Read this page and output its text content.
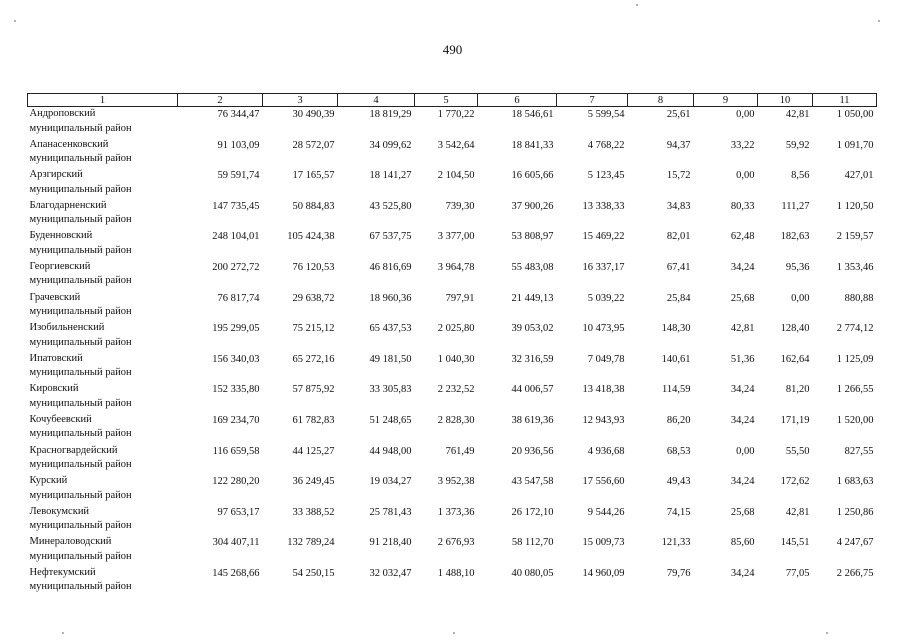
490
1	2	3	4	5	6	7	8	9	10	11

Андроповский
муниципальный район	76 344,47	30 490,39	18 819,29	1 770,22	18 546,61	5 599,54	25,61	0,00	42,81	1 050,00

Апанасенковский
муниципальный район	91 103,09	28 572,07	34 099,62	3 542,64	18 841,33	4 768,22	94,37	33,22	59,92	1 091,70

Арзгирский
муниципальный район	59 591,74	17 165,57	18 141,27	2 104,50	16 605,66	5 123,45	15,72	0,00	8,56	427,01

Благодарненский
муниципальный район	147 735,45	50 884,83	43 525,80	739,30	37 900,26	13 338,33	34,83	80,33	111,27	1 120,50

Буденновский
муниципальный район	248 104,01	105 424,38	67 537,75	3 377,00	53 808,97	15 469,22	82,01	62,48	182,63	2 159,57

Георгиевский
муниципальный район	200 272,72	76 120,53	46 816,69	3 964,78	55 483,08	16 337,17	67,41	34,24	95,36	1 353,46

Грачевский
муниципальный район	76 817,74	29 638,72	18 960,36	797,91	21 449,13	5 039,22	25,84	25,68	0,00	880,88

Изобильненский
муниципальный район	195 299,05	75 215,12	65 437,53	2 025,80	39 053,02	10 473,95	148,30	42,81	128,40	2 774,12

Ипатовский
муниципальный район	156 340,03	65 272,16	49 181,50	1 040,30	32 316,59	7 049,78	140,61	51,36	162,64	1 125,09

Кировский
муниципальный район	152 335,80	57 875,92	33 305,83	2 232,52	44 006,57	13 418,38	114,59	34,24	81,20	1 266,55

Кочубеевский
муниципальный район	169 234,70	61 782,83	51 248,65	2 828,30	38 619,36	12 943,93	86,20	34,24	171,19	1 520,00

Красногвардейский
муниципальный район	116 659,58	44 125,27	44 948,00	761,49	20 936,56	4 936,68	68,53	0,00	55,50	827,55

Курский
муниципальный район	122 280,20	36 249,45	19 034,27	3 952,38	43 547,58	17 556,60	49,43	34,24	172,62	1 683,63

Левокумский
муниципальный район	97 653,17	33 388,52	25 781,43	1 373,36	26 172,10	9 544,26	74,15	25,68	42,81	1 250,86

Минераловодский
муниципальный район	304 407,11	132 789,24	91 218,40	2 676,93	58 112,70	15 009,73	121,33	85,60	145,51	4 247,67

Нефтекумский
муниципальный район	145 268,66	54 250,15	32 032,47	1 488,10	40 080,05	14 960,09	79,76	34,24	77,05	2 266,75
